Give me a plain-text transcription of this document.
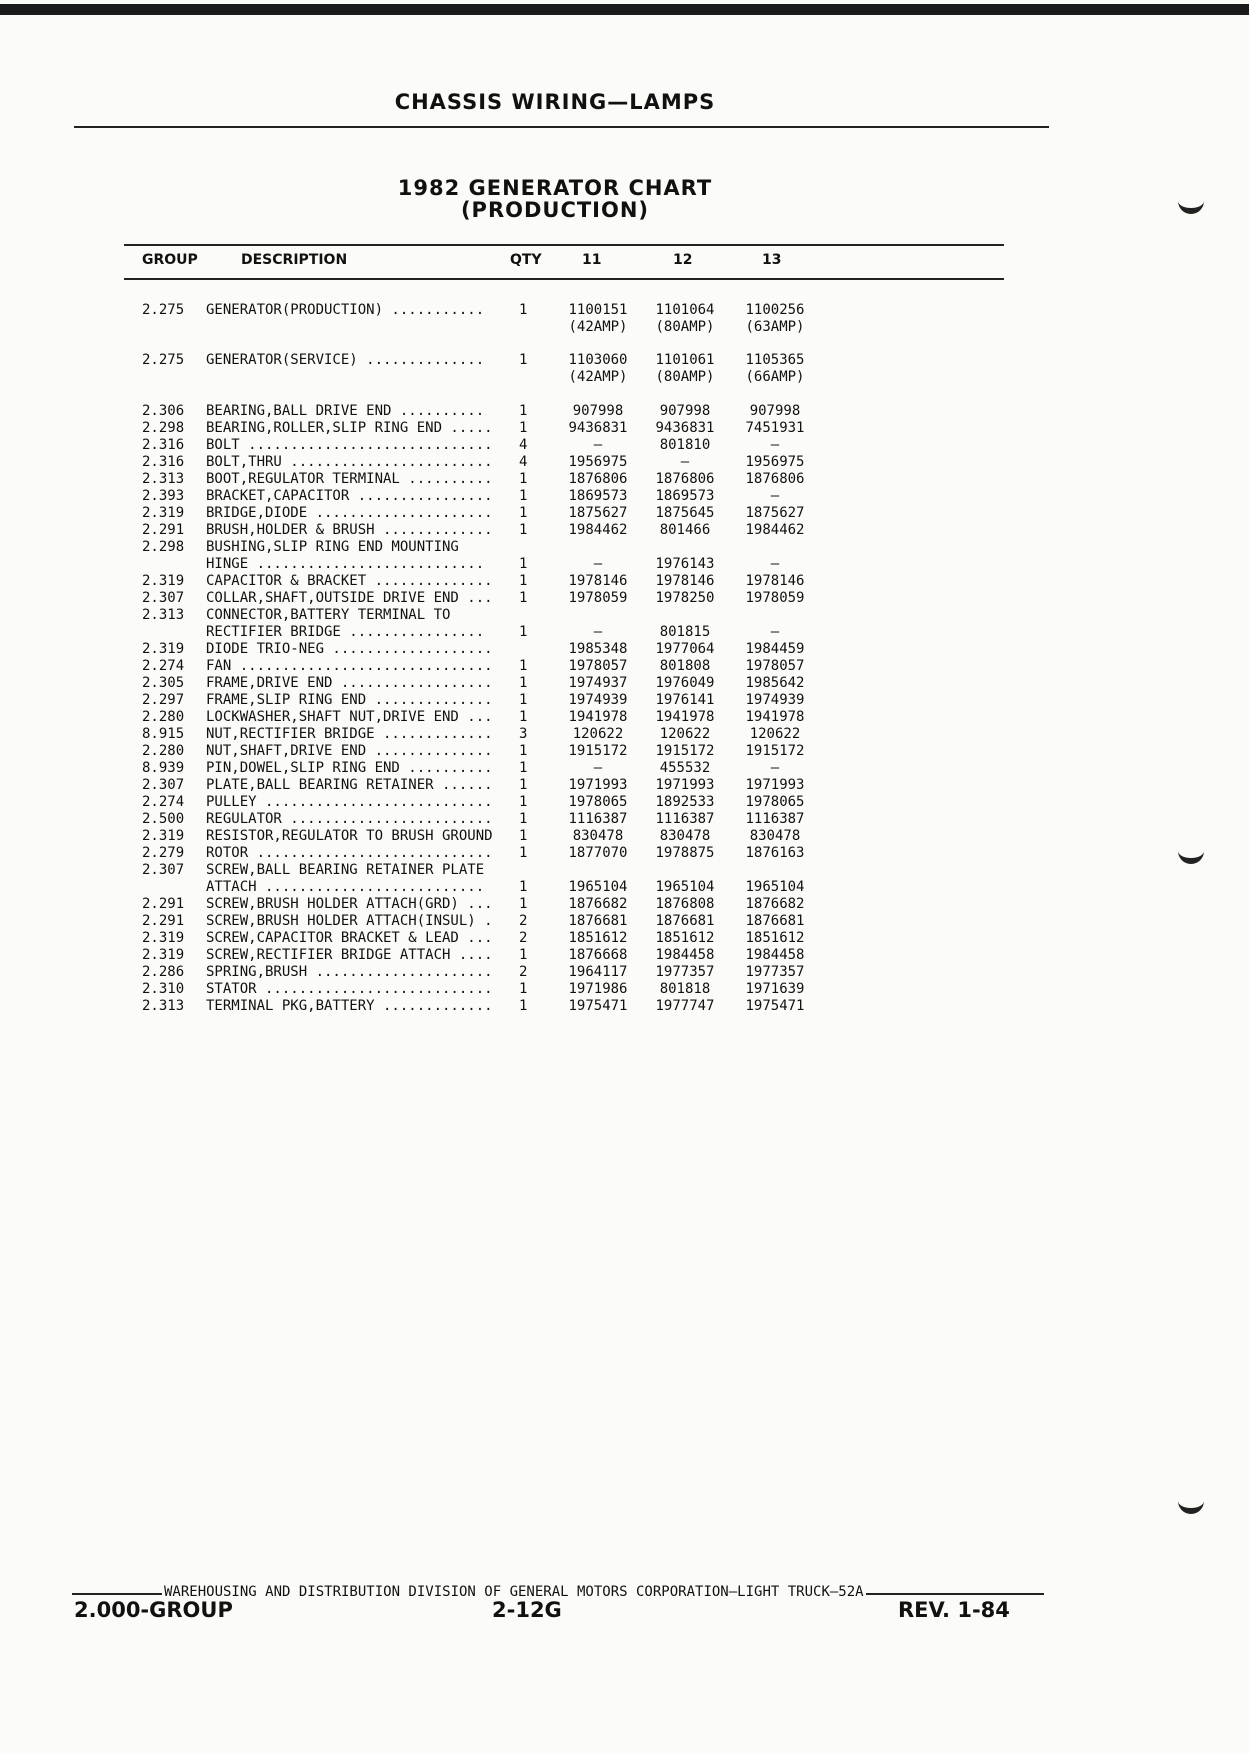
CHASSIS WIRING—LAMPS
1982 GENERATOR CHART
(PRODUCTION)
GROUP	DESCRIPTION	QTY	11	12	13
2.275 GENERATOR(PRODUCTION) ........... 1	1100151 1101064 1100256
(42AMP) (80AMP) (63AMP)
2.275 GENERATOR(SERVICE) .............. 1	1103060 1101061 1105365
(42AMP) (80AMP) (66AMP)
2.306 BEARING,BALL DRIVE END .......... 1	907998	907998	907998
2.298 BEARING,ROLLER,SLIP RING END ..... 1	9436831 9436831 7451931
2.316 BOLT ............................. 4	—	801810	—
2.316 BOLT,THRU ........................ 4	1956975	—	1956975
2.313 BOOT,REGULATOR TERMINAL .......... 1	1876806 1876806 1876806
2.393 BRACKET,CAPACITOR ................ 1	1869573 1869573	—
2.319 BRIDGE,DIODE ..................... 1	1875627 1875645 1875627
2.291 BRUSH,HOLDER & BRUSH ............. 1	1984462	801466	1984462
2.298 BUSHING,SLIP RING END MOUNTING
HINGE ........................... 1	—	1976143	—
2.319 CAPACITOR & BRACKET .............. 1	1978146 1978146 1978146
2.307 COLLAR,SHAFT,OUTSIDE DRIVE END ... 1	1978059 1978250 1978059
2.313 CONNECTOR,BATTERY TERMINAL TO
RECTIFIER BRIDGE ................ 1	—	801815	—
2.319 DIODE TRIO-NEG ...................	1985348 1977064 1984459
2.274 FAN .............................. 1	1978057	801808	1978057
2.305 FRAME,DRIVE END .................. 1	1974937 1976049 1985642
2.297 FRAME,SLIP RING END .............. 1	1974939 1976141 1974939
2.280 LOCKWASHER,SHAFT NUT,DRIVE END ... 1	1941978 1941978 1941978
8.915 NUT,RECTIFIER BRIDGE ............. 3	120622	120622	120622
2.280 NUT,SHAFT,DRIVE END .............. 1	1915172 1915172 1915172
8.939 PIN,DOWEL,SLIP RING END .......... 1	—	455532	—
2.307 PLATE,BALL BEARING RETAINER ...... 1	1971993 1971993 1971993
2.274 PULLEY ........................... 1	1978065 1892533 1978065
2.500 REGULATOR ........................ 1	1116387 1116387 1116387
2.319 RESISTOR,REGULATOR TO BRUSH GROUND 1	830478	830478	830478
2.279 ROTOR ............................ 1	1877070 1978875 1876163
2.307 SCREW,BALL BEARING RETAINER PLATE
ATTACH .......................... 1	1965104 1965104 1965104
2.291 SCREW,BRUSH HOLDER ATTACH(GRD) ... 1	1876682 1876808 1876682
2.291 SCREW,BRUSH HOLDER ATTACH(INSUL) . 2	1876681 1876681 1876681
2.319 SCREW,CAPACITOR BRACKET & LEAD ... 2	1851612 1851612 1851612
2.319 SCREW,RECTIFIER BRIDGE ATTACH .... 1	1876668 1984458 1984458
2.286 SPRING,BRUSH ..................... 2	1964117 1977357 1977357
2.310 STATOR ........................... 1	1971986	801818	1971639
2.313 TERMINAL PKG,BATTERY ............. 1	1975471 1977747 1975471
WAREHOUSING AND DISTRIBUTION DIVISION OF GENERAL MOTORS CORPORATION—LIGHT TRUCK—52A
2.000-GROUP	2-12G	REV. 1-84
